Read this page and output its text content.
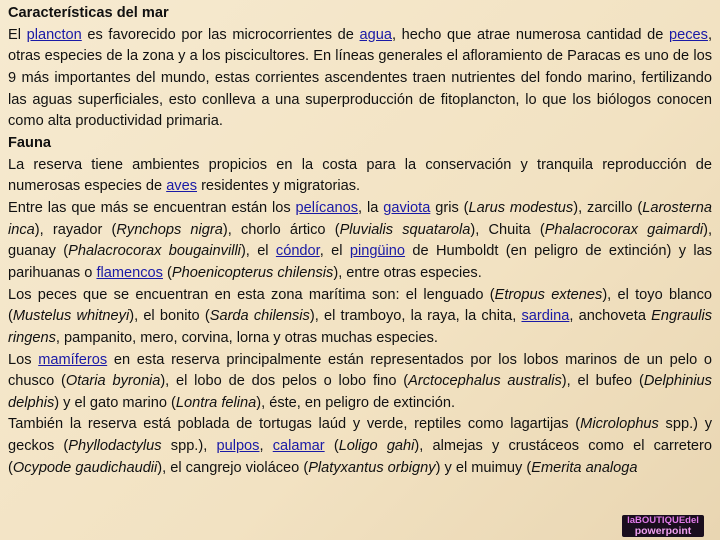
Características del mar

El plancton es favorecido por las microcorrientes de agua, hecho que atrae numerosa cantidad de peces, otras especies de la zona y a los piscicultores. En líneas generales el afloramiento de Paracas es uno de los 9 más importantes del mundo, estas corrientes ascendentes traen nutrientes del fondo marino, fertilizando las aguas superficiales, esto conlleva a una superproducción de fitoplancton, lo que los biólogos conocen como alta productividad primaria.

Fauna

La reserva tiene ambientes propicios en la costa para la conservación y tranquila reproducción de numerosas especies de aves residentes y migratorias.

Entre las que más se encuentran están los pelícanos, la gaviota gris (Larus modestus), zarcillo (Larosterna inca), rayador (Rynchops nigra), chorlo ártico (Pluvialis squatarola), Chuita (Phalacrocorax gaimardi), guanay (Phalacrocorax bougainvilli), el cóndor, el pingüino de Humboldt (en peligro de extinción) y las parihuanas o flamencos (Phoenicopterus chilensis), entre otras especies.

Los peces que se encuentran en esta zona marítima son: el lenguado (Etropus extenes), el toyo blanco (Mustelus whitneyi), el bonito (Sarda chilensis), el tramboyo, la raya, la chita, sardina, anchoveta Engraulis ringens, pampanito, mero, corvina, lorna y otras muchas especies.

Los mamíferos en esta reserva principalmente están representados por los lobos marinos de un pelo o chusco (Otaria byronia), el lobo de dos pelos o lobo fino (Arctocephalus australis), el bufeo (Delphinius delphis) y el gato marino (Lontra felina), éste, en peligro de extinción.

También la reserva está poblada de tortugas laúd y verde, reptiles como lagartijas (Microlophus spp.) y geckos (Phyllodactylus spp.), pulpos, calamar (Loligo gahi), almejas y crustáceos como el carretero (Ocypode gaudichaudii), el cangrejo violáceo (Platyxantus orbigny) y el muimuy (Emerita analoga

laBOUTIQUEdel
powerpoint
